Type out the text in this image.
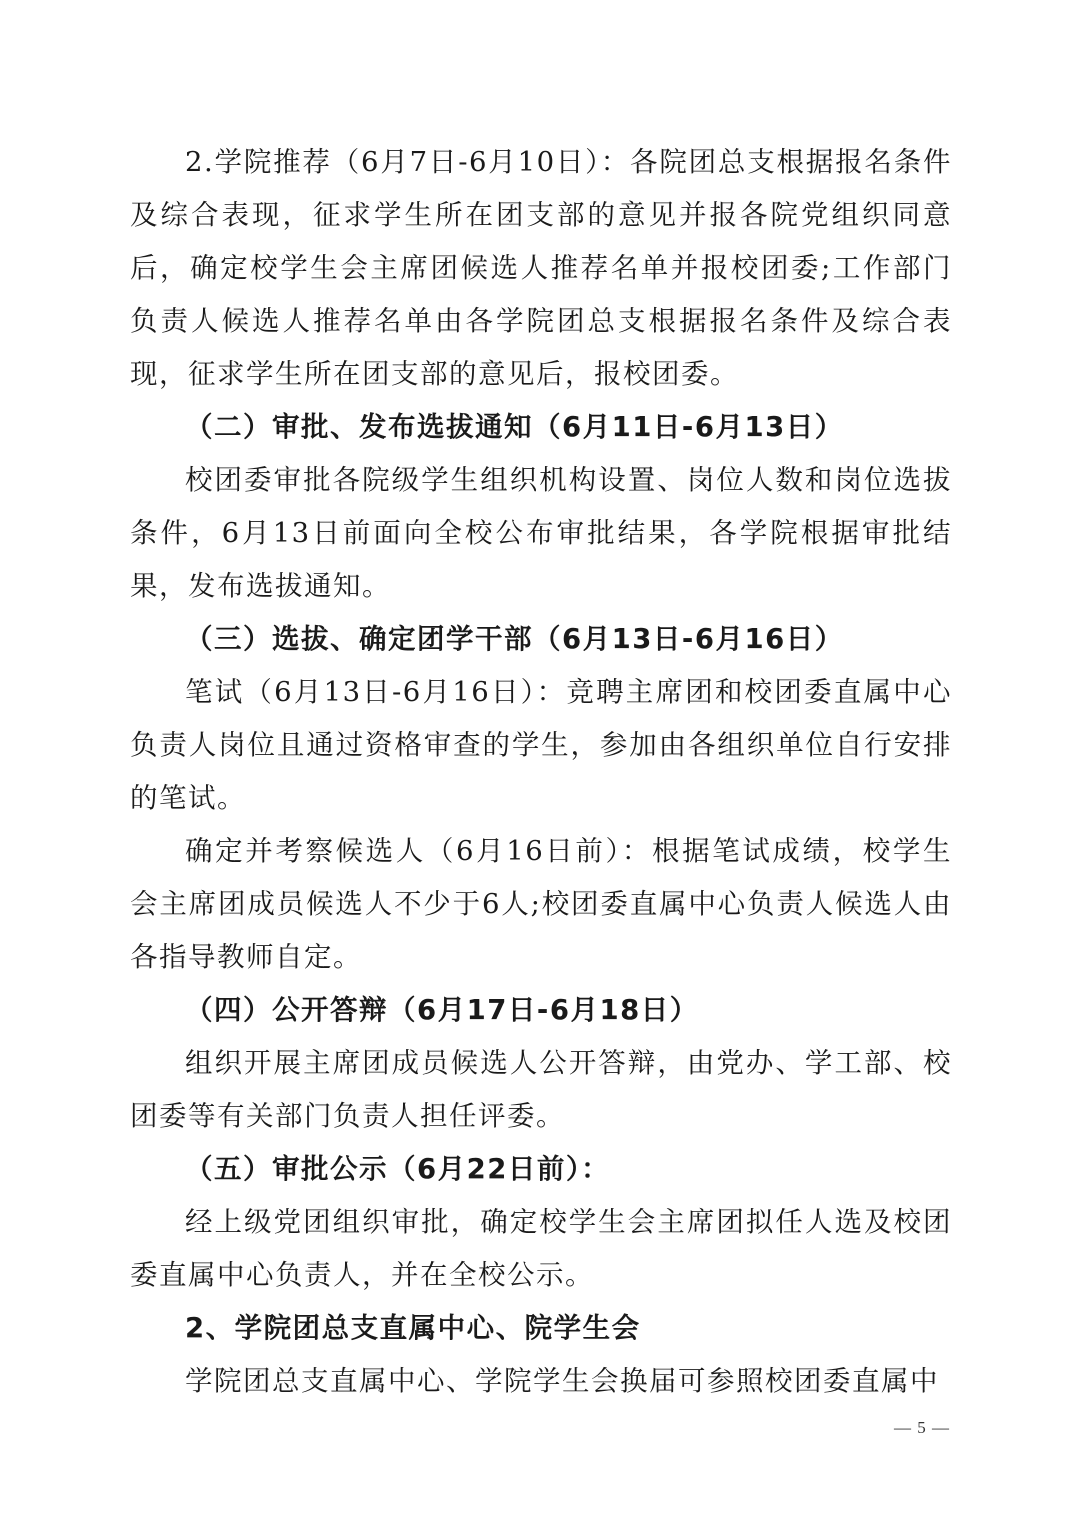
2.学院推荐（6月7日-6月10日）：各院团总支根据报名条件及综合表现，征求学生所在团支部的意见并报各院党组织同意后，确定校学生会主席团候选人推荐名单并报校团委;工作部门负责人候选人推荐名单由各学院团总支根据报名条件及综合表现，征求学生所在团支部的意见后，报校团委。

（二）审批、发布选拔通知（6月11日-6月13日）

校团委审批各院级学生组织机构设置、岗位人数和岗位选拔条件，6月13日前面向全校公布审批结果，各学院根据审批结果，发布选拔通知。

（三）选拔、确定团学干部（6月13日-6月16日）

笔试（6月13日-6月16日）：竞聘主席团和校团委直属中心负责人岗位且通过资格审查的学生，参加由各组织单位自行安排的笔试。

确定并考察候选人（6月16日前）：根据笔试成绩，校学生会主席团成员候选人不少于6人;校团委直属中心负责人候选人由各指导教师自定。

（四）公开答辩（6月17日-6月18日）

组织开展主席团成员候选人公开答辩，由党办、学工部、校团委等有关部门负责人担任评委。

（五）审批公示（6月22日前）：

经上级党团组织审批，确定校学生会主席团拟任人选及校团委直属中心负责人，并在全校公示。

2、学院团总支直属中心、院学生会

学院团总支直属中心、学院学生会换届可参照校团委直属中

— 5 —
